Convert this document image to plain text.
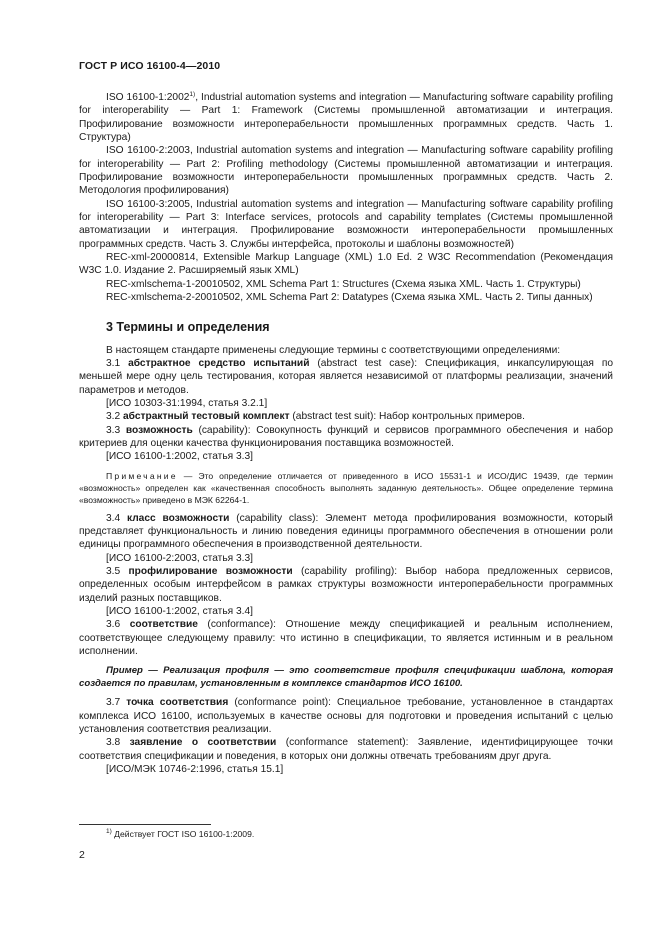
ГОСТ Р ИСО 16100-4—2010

ISO 16100-1:2002$^{1)}$, Industrial automation systems and integration — Manufacturing software capability profiling for interoperability — Part 1: Framework (Системы промышленной автоматизации и интеграция. Профилирование возможности интероперабельности промышленных программных средств. Часть 1. Структура)

ISO 16100-2:2003, Industrial automation systems and integration — Manufacturing software capability profiling for interoperability — Part 2: Profiling methodology (Системы промышленной автоматизации и интеграция. Профилирование возможности интероперабельности промышленных программных средств. Часть 2. Методология профилирования)

ISO 16100-3:2005, Industrial automation systems and integration — Manufacturing software capability profiling for interoperability — Part 3: Interface services, protocols and capability templates (Системы промышленной автоматизации и интеграция. Профилирование возможности интероперабельности промышленных программных средств. Часть 3. Службы интерфейса, протоколы и шаблоны возможностей)

REC-xml-20000814, Extensible Markup Language (XML) 1.0 Ed. 2 W3C Recommendation (Рекомендация W3C 1.0. Издание 2. Расширяемый язык XML)

REC-xmlschema-1-20010502, XML Schema Part 1: Structures (Схема языка XML. Часть 1. Структуры)

REC-xmlschema-2-20010502, XML Schema Part 2: Datatypes (Схема языка XML. Часть 2. Типы данных)

3 Термины и определения

В настоящем стандарте применены следующие термины с соответствующими определениями:

3.1 абстрактное средство испытаний (abstract test case): Спецификация, инкапсулирующая по меньшей мере одну цель тестирования, которая является независимой от платформы реализации, значений параметров и методов.

[ИСО 10303-31:1994, статья 3.2.1]

3.2 абстрактный тестовый комплект (abstract test suit): Набор контрольных примеров.

3.3 возможность (capability): Совокупность функций и сервисов программного обеспечения и набор критериев для оценки качества функционирования поставщика возможностей.

[ИСО 16100-1:2002, статья 3.3]

Примечание — Это определение отличается от приведенного в ИСО 15531-1 и ИСО/ДИС 19439, где термин «возможность» определен как «качественная способность выполнять заданную деятельность». Общее определение термина «возможность» приведено в МЭК 62264-1.

3.4 класс возможности (capability class): Элемент метода профилирования возможности, который представляет функциональность и линию поведения единицы программного обеспечения в отношении роли единицы программного обеспечения в производственной деятельности.

[ИСО 16100-2:2003, статья 3.3]

3.5 профилирование возможности (capability profiling): Выбор набора предложенных сервисов, определенных особым интерфейсом в рамках структуры возможности интероперабельности программных изделий разных поставщиков.

[ИСО 16100-1:2002, статья 3.4]

3.6 соответствие (conformance): Отношение между спецификацией и реальным исполнением, соответствующее следующему правилу: что истинно в спецификации, то является истинным и в реальном исполнении.

Пример — Реализация профиля — это соответствие профиля спецификации шаблона, которая создается по правилам, установленным в комплексе стандартов ИСО 16100.

3.7 точка соответствия (conformance point): Специальное требование, установленное в стандартах комплекса ИСО 16100, используемых в качестве основы для подготовки и проведения испытаний с целью установления соответствия реализации.

3.8 заявление о соответствии (conformance statement): Заявление, идентифицирующее точки соответствия спецификации и поведения, в которых они должны отвечать требованиям друг друга.

[ИСО/МЭК 10746-2:1996, статья 15.1]

$^{1)}$ Действует ГОСТ ISO 16100-1:2009.
2
